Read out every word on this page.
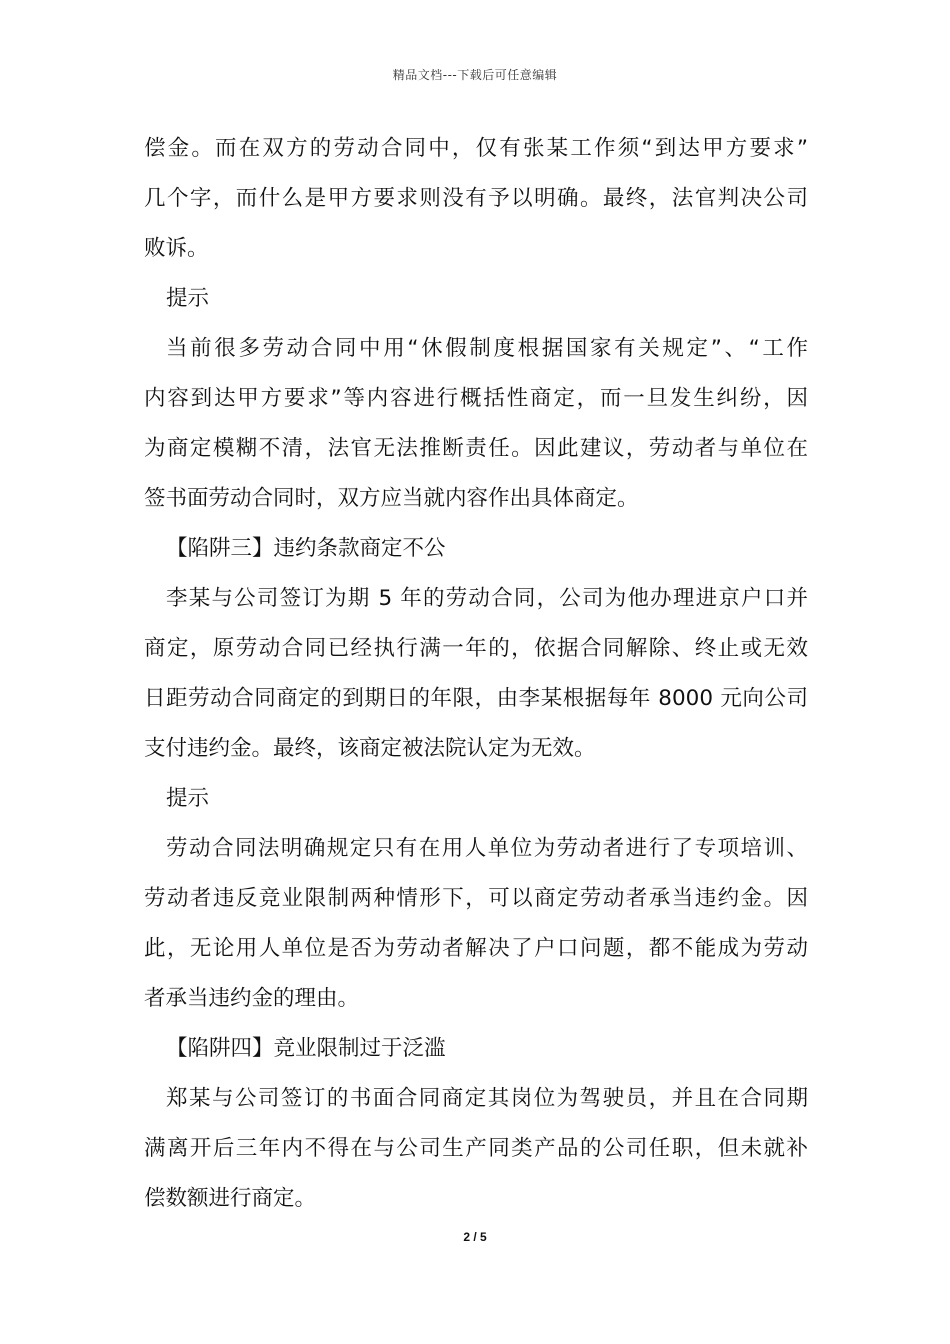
精品文档---下载后可任意编辑
偿金。而在双方的劳动合同中，仅有张某工作须“到达甲方要求”
几个字，而什么是甲方要求则没有予以明确。最终，法官判决公司
败诉。
提示
当前很多劳动合同中用“休假制度根据国家有关规定”、“工作
内容到达甲方要求”等内容进行概括性商定，而一旦发生纠纷，因
为商定模糊不清，法官无法推断责任。因此建议，劳动者与单位在
签书面劳动合同时，双方应当就内容作出具体商定。
【陷阱三】违约条款商定不公
李某与公司签订为期 5 年的劳动合同，公司为他办理进京户口并
商定，原劳动合同已经执行满一年的，依据合同解除、终止或无效
日距劳动合同商定的到期日的年限，由李某根据每年 8000 元向公司
支付违约金。最终，该商定被法院认定为无效。
提示
劳动合同法明确规定只有在用人单位为劳动者进行了专项培训、
劳动者违反竞业限制两种情形下，可以商定劳动者承当违约金。因
此，无论用人单位是否为劳动者解决了户口问题，都不能成为劳动
者承当违约金的理由。
【陷阱四】竞业限制过于泛滥
郑某与公司签订的书面合同商定其岗位为驾驶员，并且在合同期
满离开后三年内不得在与公司生产同类产品的公司任职，但未就补
偿数额进行商定。
2 / 5
